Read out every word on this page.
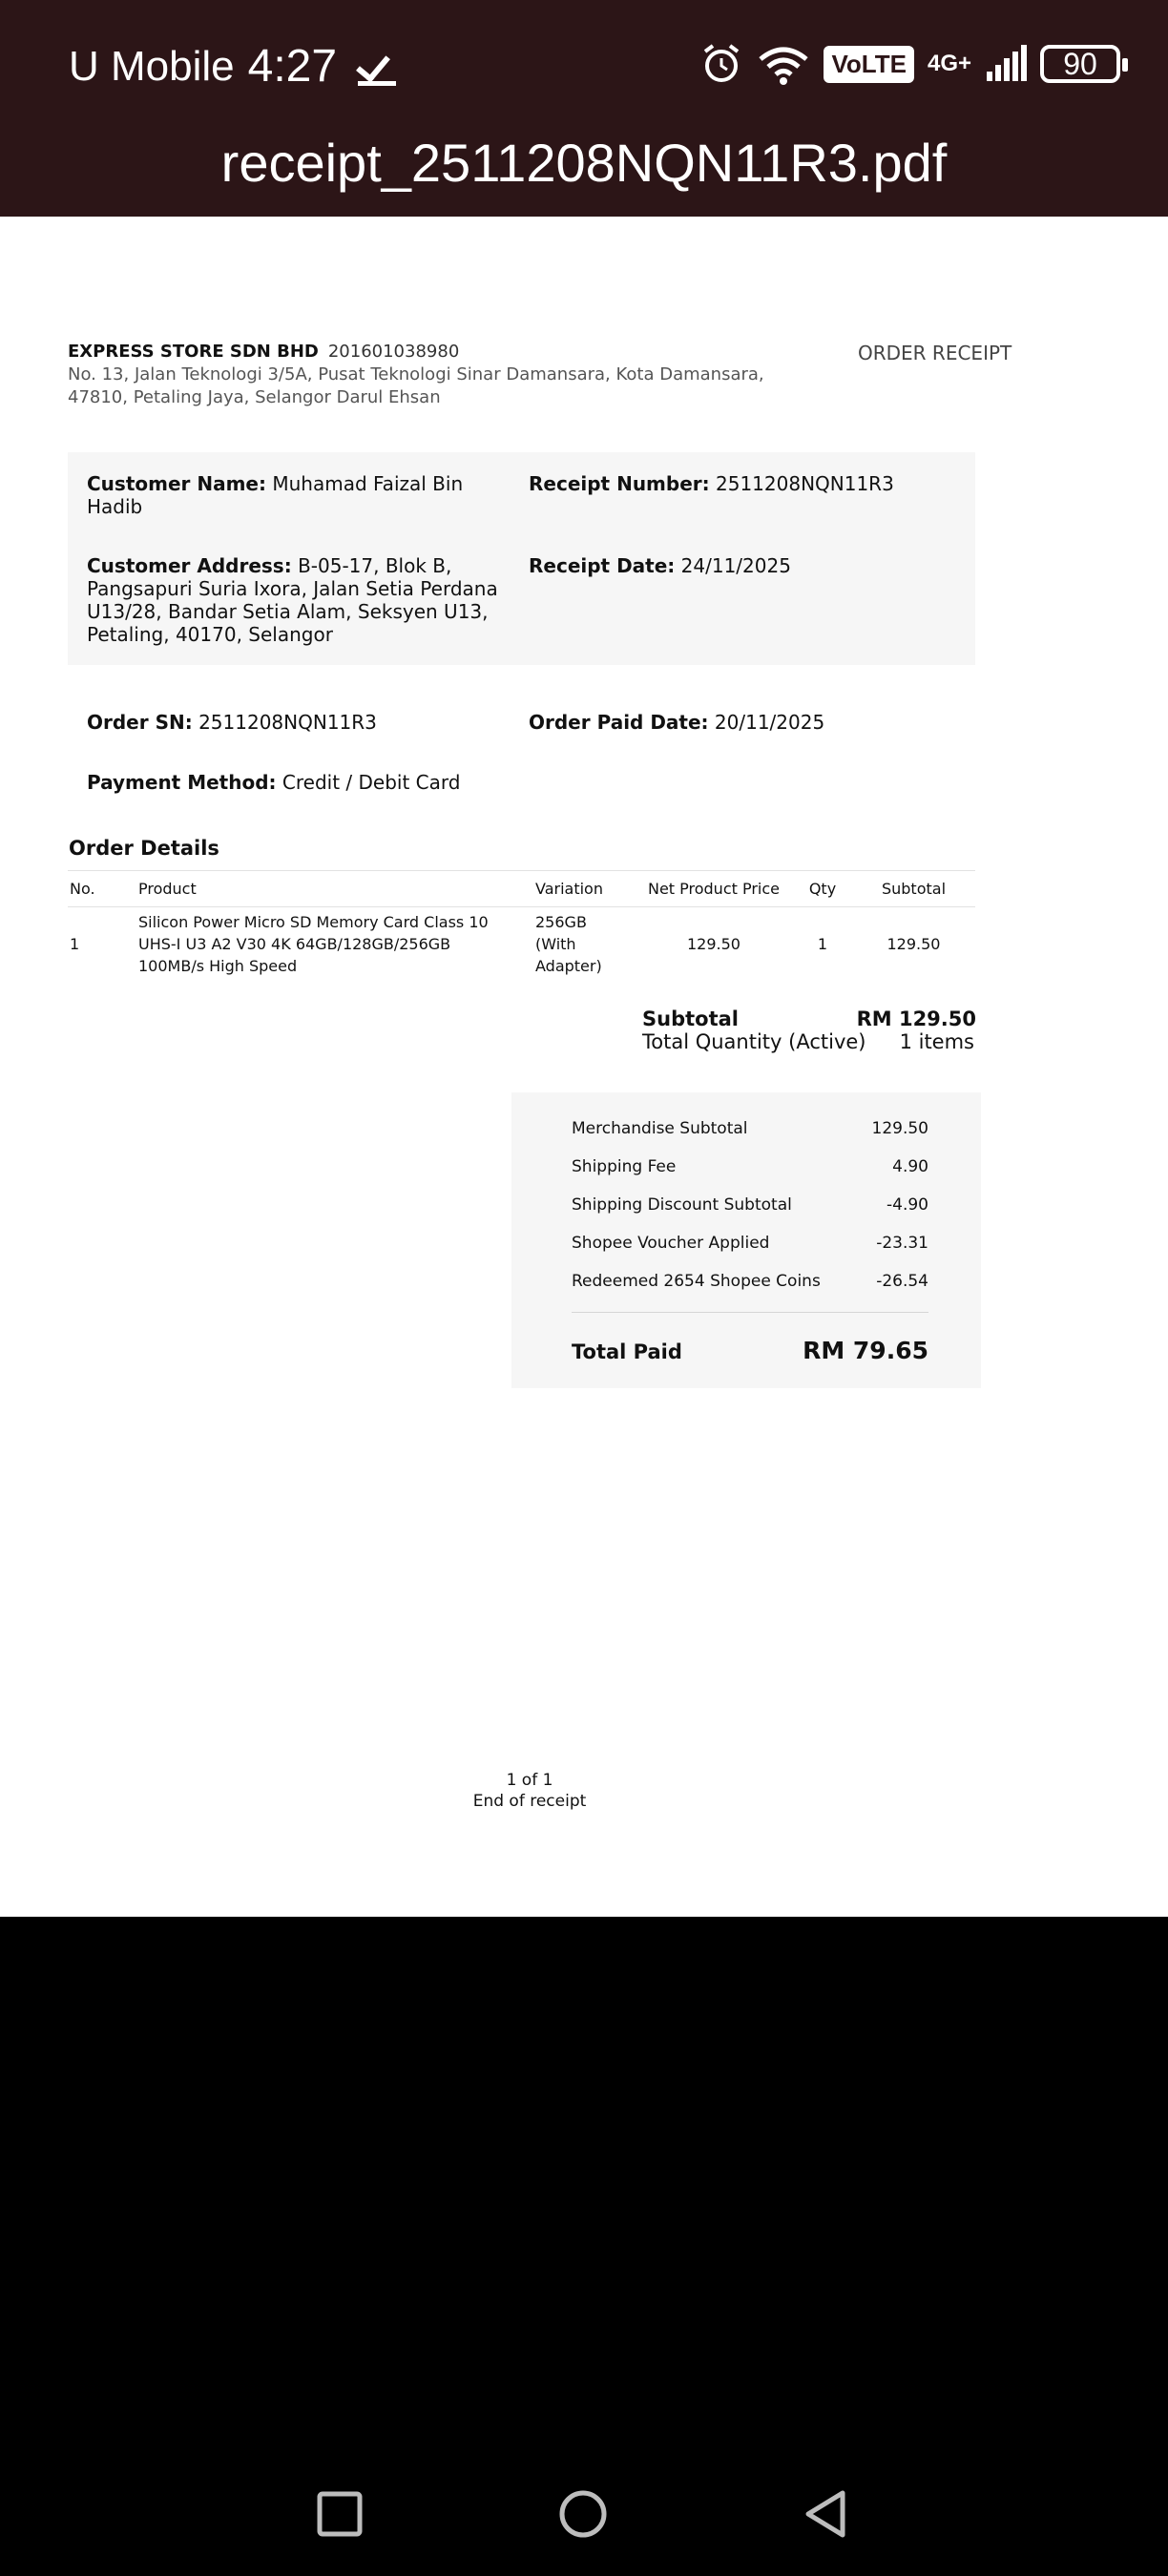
U Mobile 4:27	VoLTE 4G+	90
receipt_2511208NQN11R3.pdf
EXPRESS STORE SDN BHD 201601038980
No. 13, Jalan Teknologi 3/5A, Pusat Teknologi Sinar Damansara, Kota Damansara, 47810, Petaling Jaya, Selangor Darul Ehsan
ORDER RECEIPT
Customer Name: Muhamad Faizal Bin Hadib
Receipt Number: 2511208NQN11R3
Customer Address: B-05-17, Blok B, Pangsapuri Suria Ixora, Jalan Setia Perdana U13/28, Bandar Setia Alam, Seksyen U13, Petaling, 40170, Selangor
Receipt Date: 24/11/2025
Order SN: 2511208NQN11R3	Order Paid Date: 20/11/2025
Payment Method: Credit / Debit Card
Order Details
No.	Product	Variation	Net Product Price	Qty	Subtotal
1	Silicon Power Micro SD Memory Card Class 10 UHS-I U3 A2 V30 4K 64GB/128GB/256GB 100MB/s High Speed	256GB (With Adapter)	129.50	1	129.50
Subtotal	RM 129.50
Total Quantity (Active) 1 items
Merchandise Subtotal	129.50
Shipping Fee	4.90
Shipping Discount Subtotal	-4.90
Shopee Voucher Applied	-23.31
Redeemed 2654 Shopee Coins	-26.54
Total Paid	RM 79.65
1 of 1
End of receipt
